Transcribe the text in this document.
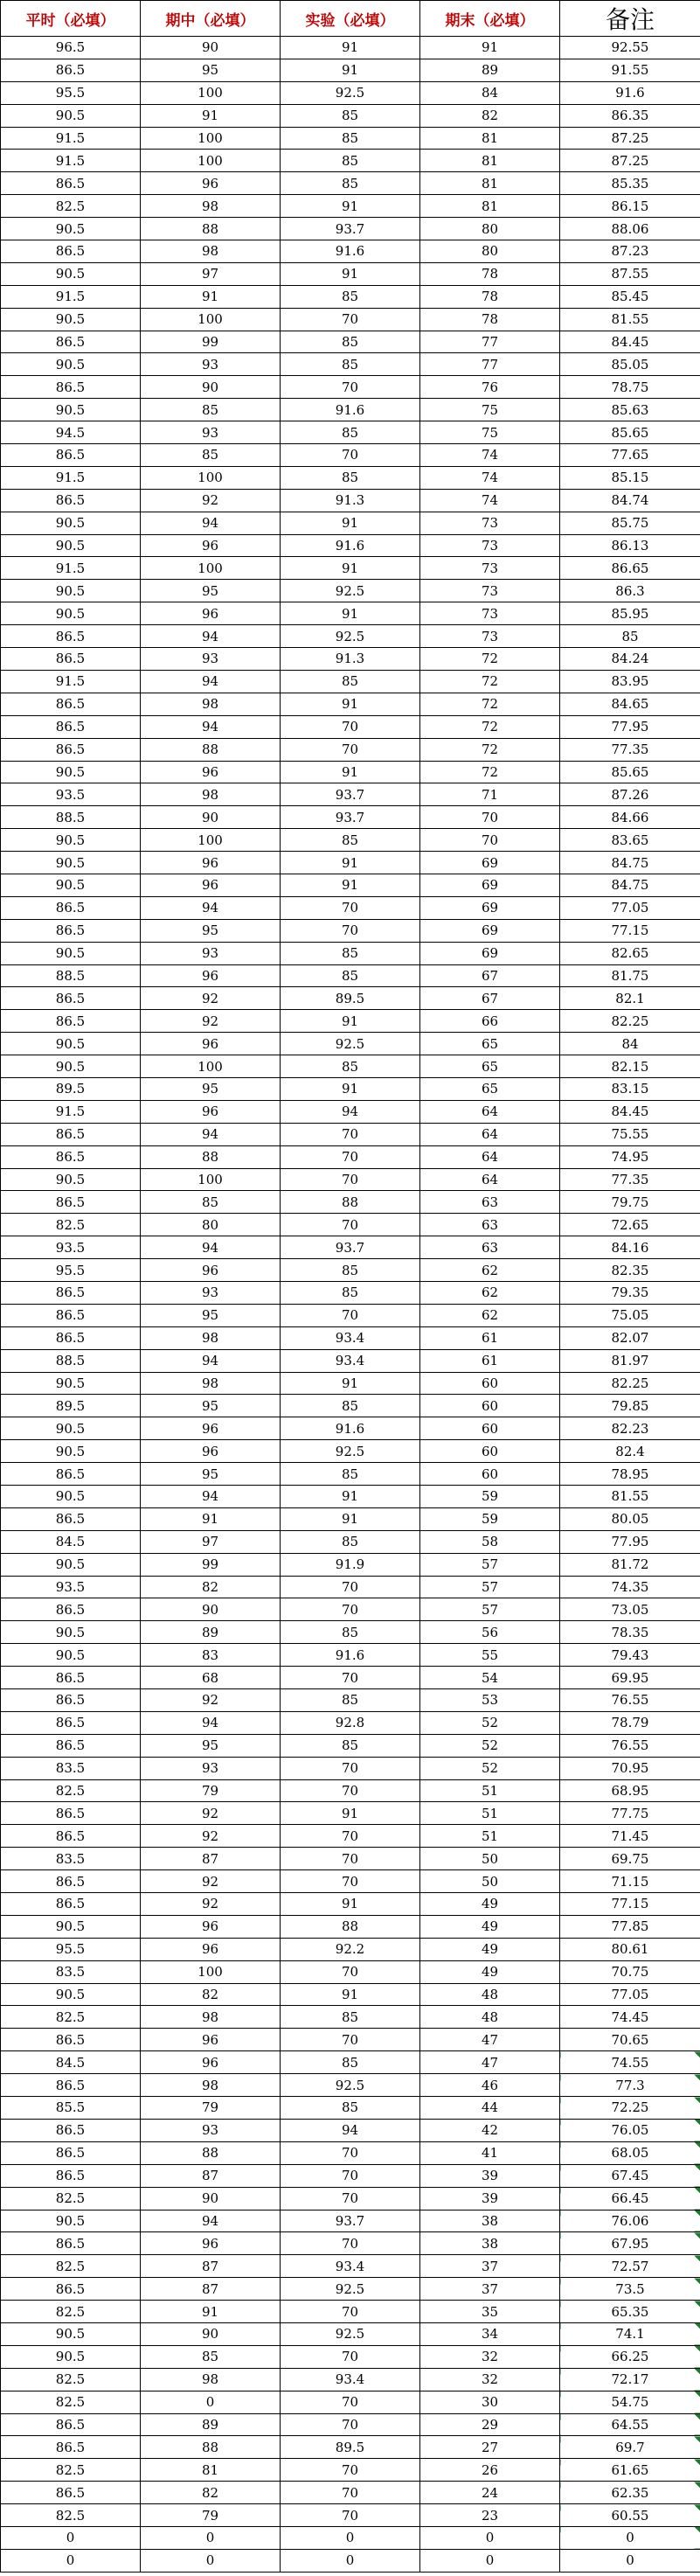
平时（必填）	期中（必填）	实验（必填）	期末（必填）	备注
96.5	90	91	91	92.55
86.5	95	91	89	91.55
95.5	100	92.5	84	91.6
90.5	91	85	82	86.35
91.5	100	85	81	87.25
91.5	100	85	81	87.25
86.5	96	85	81	85.35
82.5	98	91	81	86.15
90.5	88	93.7	80	88.06
86.5	98	91.6	80	87.23
90.5	97	91	78	87.55
91.5	91	85	78	85.45
90.5	100	70	78	81.55
86.5	99	85	77	84.45
90.5	93	85	77	85.05
86.5	90	70	76	78.75
90.5	85	91.6	75	85.63
94.5	93	85	75	85.65
86.5	85	70	74	77.65
91.5	100	85	74	85.15
86.5	92	91.3	74	84.74
90.5	94	91	73	85.75
90.5	96	91.6	73	86.13
91.5	100	91	73	86.65
90.5	95	92.5	73	86.3
90.5	96	91	73	85.95
86.5	94	92.5	73	85
86.5	93	91.3	72	84.24
91.5	94	85	72	83.95
86.5	98	91	72	84.65
86.5	94	70	72	77.95
86.5	88	70	72	77.35
90.5	96	91	72	85.65
93.5	98	93.7	71	87.26
88.5	90	93.7	70	84.66
90.5	100	85	70	83.65
90.5	96	91	69	84.75
90.5	96	91	69	84.75
86.5	94	70	69	77.05
86.5	95	70	69	77.15
90.5	93	85	69	82.65
88.5	96	85	67	81.75
86.5	92	89.5	67	82.1
86.5	92	91	66	82.25
90.5	96	92.5	65	84
90.5	100	85	65	82.15
89.5	95	91	65	83.15
91.5	96	94	64	84.45
86.5	94	70	64	75.55
86.5	88	70	64	74.95
90.5	100	70	64	77.35
86.5	85	88	63	79.75
82.5	80	70	63	72.65
93.5	94	93.7	63	84.16
95.5	96	85	62	82.35
86.5	93	85	62	79.35
86.5	95	70	62	75.05
86.5	98	93.4	61	82.07
88.5	94	93.4	61	81.97
90.5	98	91	60	82.25
89.5	95	85	60	79.85
90.5	96	91.6	60	82.23
90.5	96	92.5	60	82.4
86.5	95	85	60	78.95
90.5	94	91	59	81.55
86.5	91	91	59	80.05
84.5	97	85	58	77.95
90.5	99	91.9	57	81.72
93.5	82	70	57	74.35
86.5	90	70	57	73.05
90.5	89	85	56	78.35
90.5	83	91.6	55	79.43
86.5	68	70	54	69.95
86.5	92	85	53	76.55
86.5	94	92.8	52	78.79
86.5	95	85	52	76.55
83.5	93	70	52	70.95
82.5	79	70	51	68.95
86.5	92	91	51	77.75
86.5	92	70	51	71.45
83.5	87	70	50	69.75
86.5	92	70	50	71.15
86.5	92	91	49	77.15
90.5	96	88	49	77.85
95.5	96	92.2	49	80.61
83.5	100	70	49	70.75
90.5	82	91	48	77.05
82.5	98	85	48	74.45
86.5	96	70	47	70.65
84.5	96	85	47	74.55
86.5	98	92.5	46	77.3
85.5	79	85	44	72.25
86.5	93	94	42	76.05
86.5	88	70	41	68.05
86.5	87	70	39	67.45
82.5	90	70	39	66.45
90.5	94	93.7	38	76.06
86.5	96	70	38	67.95
82.5	87	93.4	37	72.57
86.5	87	92.5	37	73.5
82.5	91	70	35	65.35
90.5	90	92.5	34	74.1
90.5	85	70	32	66.25
82.5	98	93.4	32	72.17
82.5	0	70	30	54.75
86.5	89	70	29	64.55
86.5	88	89.5	27	69.7
82.5	81	70	26	61.65
86.5	82	70	24	62.35
82.5	79	70	23	60.55
0	0	0	0	0
0	0	0	0	0
